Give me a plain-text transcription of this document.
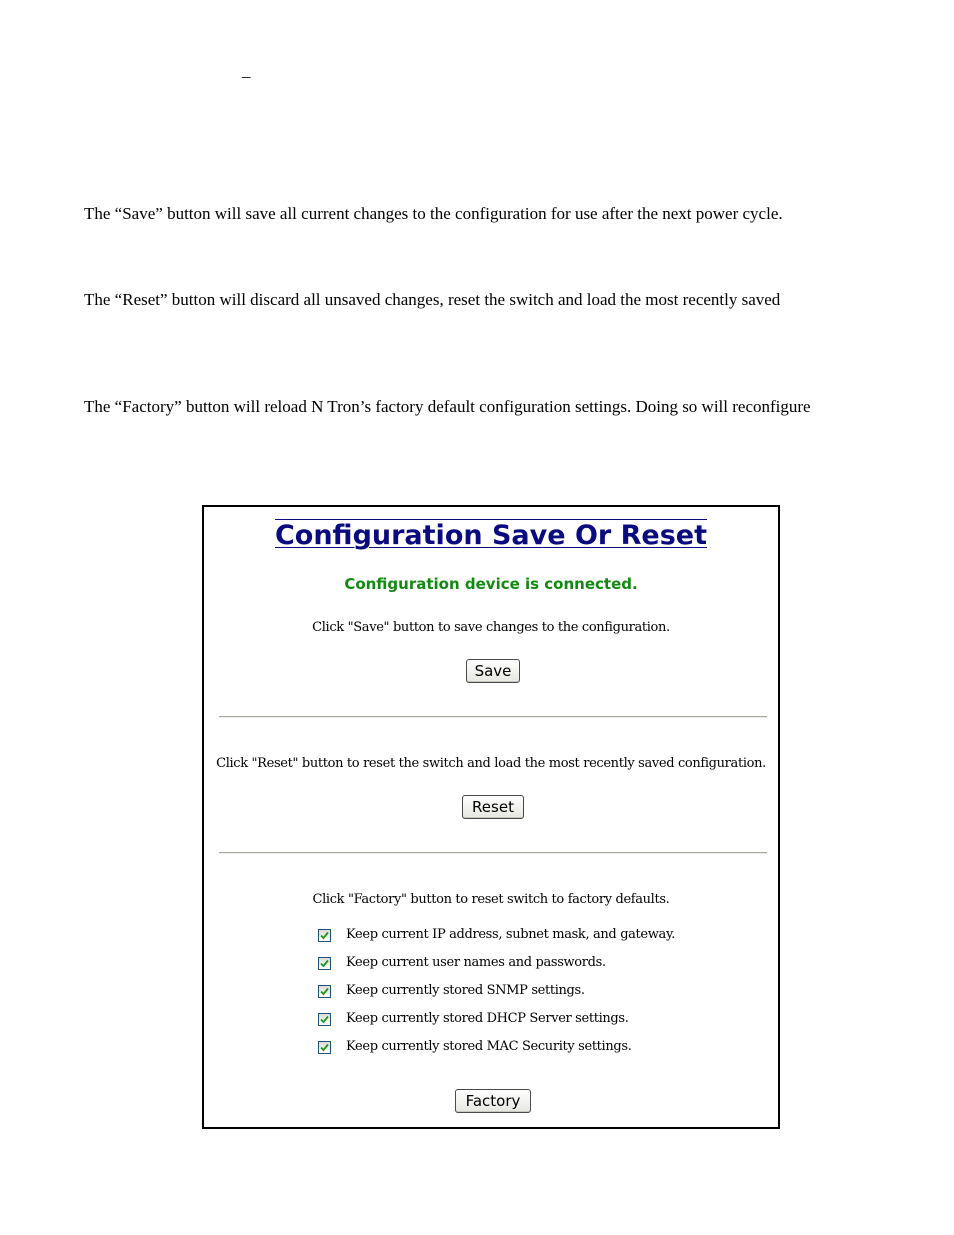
_

The “Save” button will save all current changes to the configuration for use after the next power cycle.

The “Reset” button will discard all unsaved changes, reset the switch and load the most recently saved

The “Factory” button will reload N Tron’s factory default configuration settings. Doing so will reconfigure

Configuration Save Or Reset
Configuration device is connected.
Click "Save" button to save changes to the configuration.
Save
Click "Reset" button to reset the switch and load the most recently saved configuration.
Reset
Click "Factory" button to reset switch to factory defaults.
Keep current IP address, subnet mask, and gateway.
Keep current user names and passwords.
Keep currently stored SNMP settings.
Keep currently stored DHCP Server settings.
Keep currently stored MAC Security settings.
Factory
